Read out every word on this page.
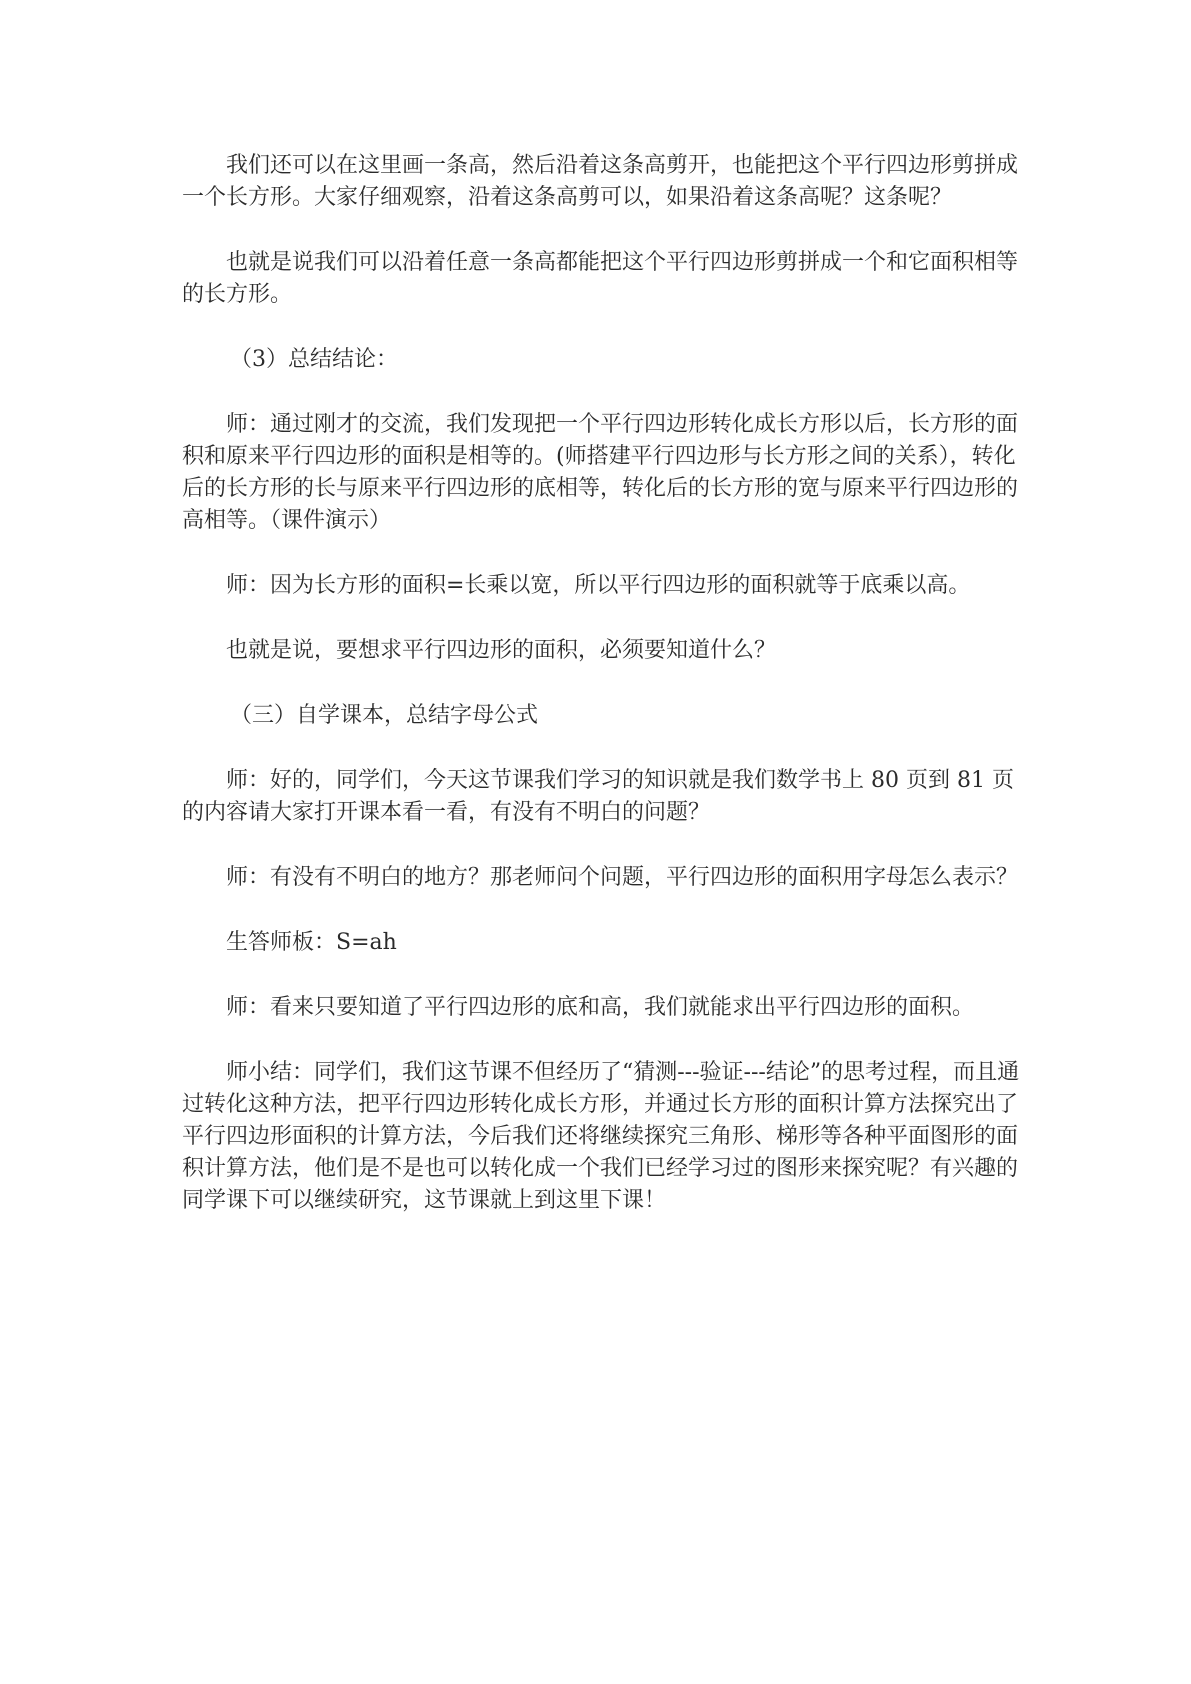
我们还可以在这里画一条高，然后沿着这条高剪开，也能把这个平行四边形剪拼成一个长方形。大家仔细观察，沿着这条高剪可以，如果沿着这条高呢？这条呢？

也就是说我们可以沿着任意一条高都能把这个平行四边形剪拼成一个和它面积相等的长方形。

（3）总结结论：

师：通过刚才的交流，我们发现把一个平行四边形转化成长方形以后，长方形的面积和原来平行四边形的面积是相等的。(师搭建平行四边形与长方形之间的关系），转化后的长方形的长与原来平行四边形的底相等，转化后的长方形的宽与原来平行四边形的高相等。（课件演示）

师：因为长方形的面积=长乘以宽，所以平行四边形的面积就等于底乘以高。

也就是说，要想求平行四边形的面积，必须要知道什么？

（三）自学课本，总结字母公式

师：好的，同学们，今天这节课我们学习的知识就是我们数学书上 80 页到 81 页的内容请大家打开课本看一看，有没有不明白的问题？

师：有没有不明白的地方？那老师问个问题，平行四边形的面积用字母怎么表示？

生答师板：S=ah

师：看来只要知道了平行四边形的底和高，我们就能求出平行四边形的面积。

师小结：同学们，我们这节课不但经历了“猜测---验证---结论”的思考过程，而且通过转化这种方法，把平行四边形转化成长方形，并通过长方形的面积计算方法探究出了平行四边形面积的计算方法，今后我们还将继续探究三角形、梯形等各种平面图形的面积计算方法，他们是不是也可以转化成一个我们已经学习过的图形来探究呢？有兴趣的同学课下可以继续研究，这节课就上到这里下课！
